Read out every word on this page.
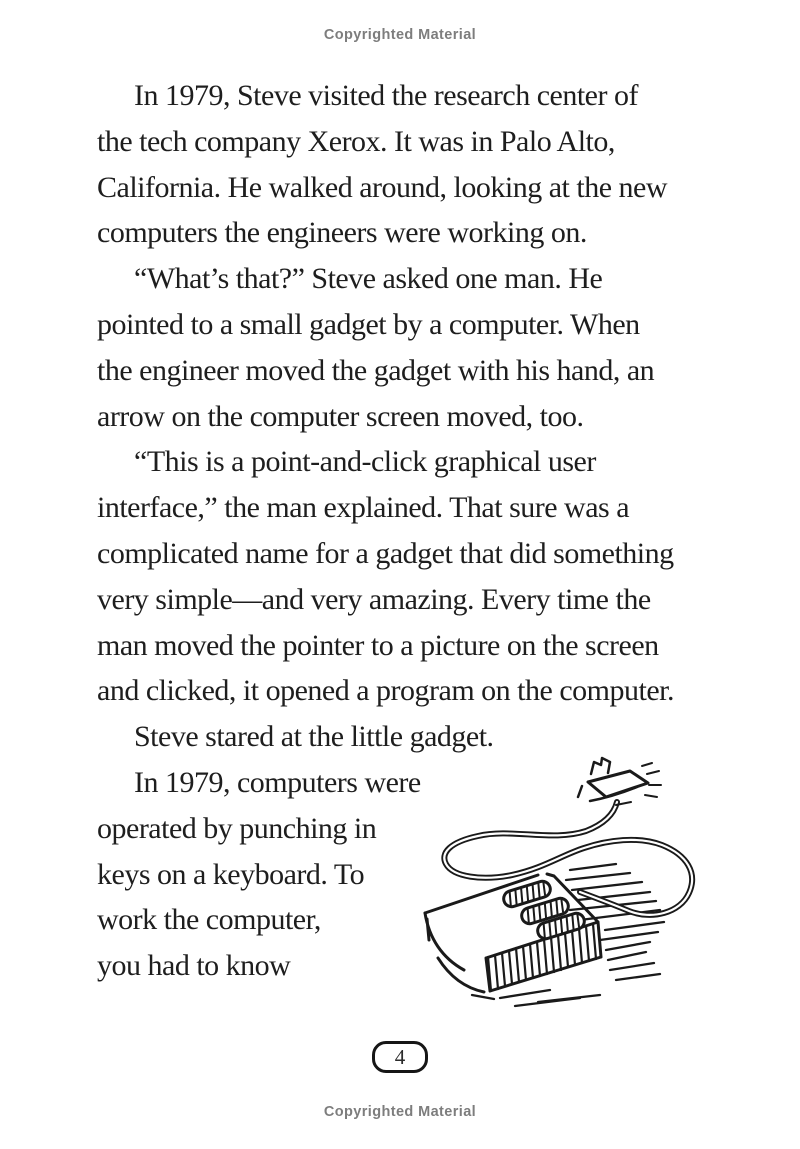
Copyrighted Material
In 1979, Steve visited the research center of
the tech company Xerox. It was in Palo Alto,
California. He walked around, looking at the new
computers the engineers were working on.
“What’s that?” Steve asked one man. He
pointed to a small gadget by a computer. When
the engineer moved the gadget with his hand, an
arrow on the computer screen moved, too.
“This is a point-and-click graphical user
interface,” the man explained. That sure was a
complicated name for a gadget that did something
very simple—and very amazing. Every time the
man moved the pointer to a picture on the screen
and clicked, it opened a program on the computer.
Steve stared at the little gadget.
In 1979, computers were
operated by punching in
keys on a keyboard. To
work the computer,
you had to know
4
Copyrighted Material
